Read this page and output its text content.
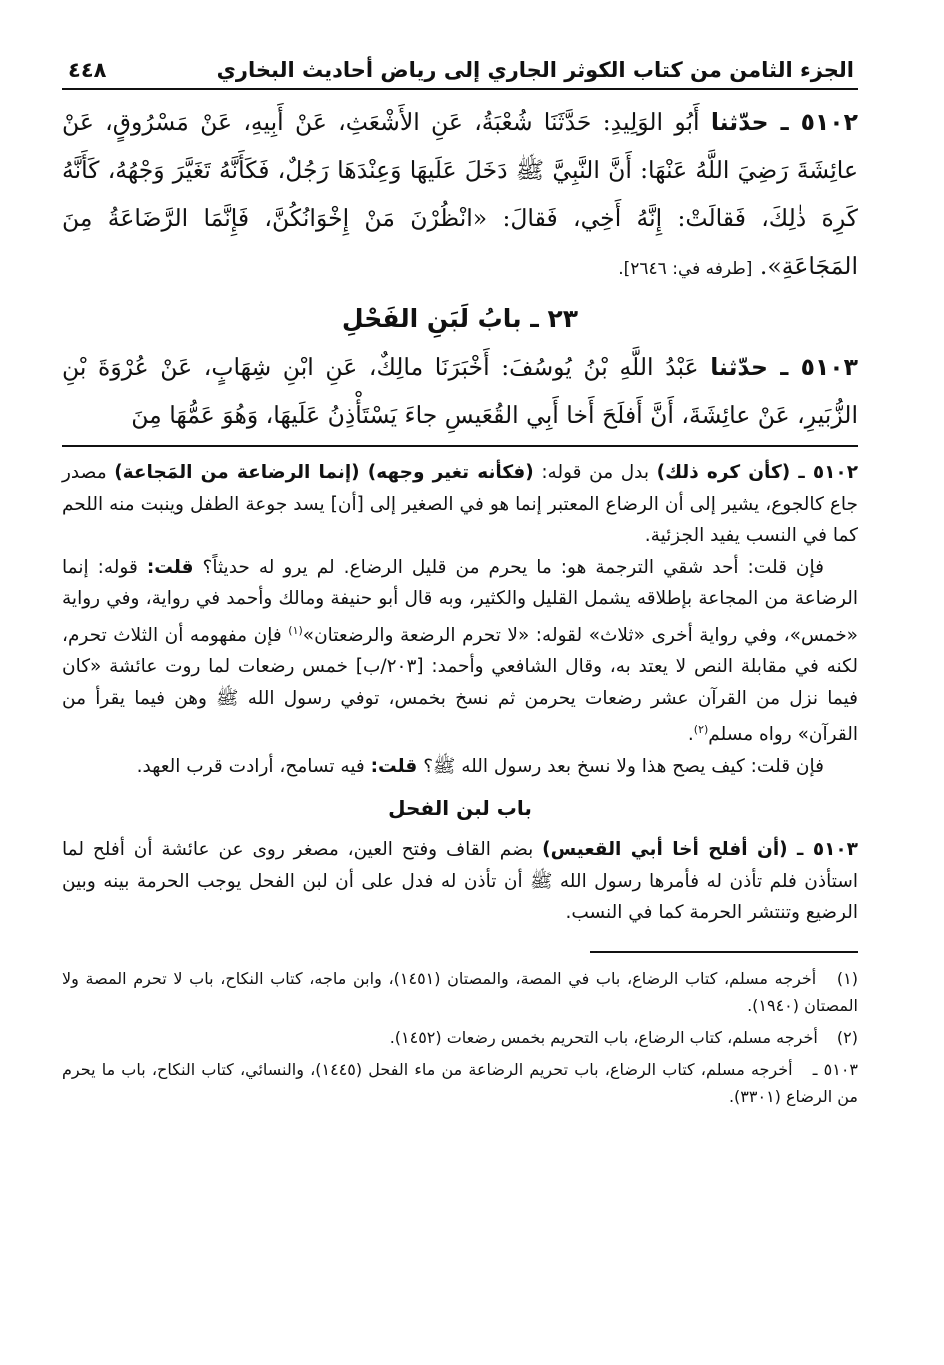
الجزء الثامن من كتاب الكوثر الجاري إلى رياض أحاديث البخاري
٤٤٨

٥١٠٢ ـ حدّثنا أَبُو الوَلِيدِ: حَدَّثَنَا شُعْبَةُ، عَنِ الأَشْعَثِ، عَنْ أَبِيهِ، عَنْ مَسْرُوقٍ، عَنْ عائِشَةَ رَضِيَ اللَّهُ عَنْهَا: أَنَّ النَّبِيَّ ﷺ دَخَلَ عَلَيهَا وَعِنْدَهَا رَجُلٌ، فَكَأَنَّهُ تَغَيَّرَ وَجْهُهُ، كَأَنَّهُ كَرِهَ ذٰلِكَ، فَقالَتْ: إِنَّهُ أَخِي، فَقالَ: «انْظُرْنَ مَنْ إِخْوَانُكُنَّ، فَإِنَّمَا الرَّضَاعَةُ مِنَ المَجَاعَةِ». [طرفه في: ٢٦٤٦].

٢٣ ـ بابُ لَبَنِ الفَحْلِ

٥١٠٣ ـ حدّثنا عَبْدُ اللَّهِ بْنُ يُوسُفَ: أَخْبَرَنَا مالِكٌ، عَنِ ابْنِ شِهَابٍ، عَنْ عُرْوَةَ بْنِ الزُّبَيرِ، عَنْ عائِشَةَ، أَنَّ أَفلَحَ أَخا أَبِي القُعَيسِ جاءَ يَسْتَأْذِنُ عَلَيهَا، وَهُوَ عَمُّهَا مِنَ

٥١٠٢ ـ (كأن كره ذلك) بدل من قوله: (فكأنه تغير وجهه) (إنما الرضاعة من المَجاعة) مصدر جاع كالجوع، يشير إلى أن الرضاع المعتبر إنما هو في الصغير إلى [أن] يسد جوعة الطفل وينبت منه اللحم كما في النسب يفيد الجزئية.

فإن قلت: أحد شقي الترجمة هو: ما يحرم من قليل الرضاع. لم يرو له حديثاً؟ قلت: قوله: إنما الرضاعة من المجاعة بإطلاقه يشمل القليل والكثير، وبه قال أبو حنيفة ومالك وأحمد في رواية، وفي رواية «خمس»، وفي رواية أخرى «ثلاث» لقوله: «لا تحرم الرضعة والرضعتان»$^{(١)}$ فإن مفهومه أن الثلاث تحرم، لكنه في مقابلة النص لا يعتد به، وقال الشافعي وأحمد: [٢٠٣/ب] خمس رضعات لما روت عائشة «كان فيما نزل من القرآن عشر رضعات يحرمن ثم نسخ بخمس، توفي رسول الله ﷺ وهن فيما يقرأ من القرآن» رواه مسلم$^{(٢)}$.

فإن قلت: كيف يصح هذا ولا نسخ بعد رسول الله ﷺ؟ قلت: فيه تسامح، أرادت قرب العهد.

باب لبن الفحل

٥١٠٣ ـ (أن أفلح أخا أبي القعيس) بضم القاف وفتح العين، مصغر روى عن عائشة أن أفلح لما استأذن فلم تأذن له فأمرها رسول الله ﷺ أن تأذن له فدل على أن لبن الفحل يوجب الحرمة بينه وبين الرضيع وتنتشر الحرمة كما في النسب.

(١) أخرجه مسلم، كتاب الرضاع، باب في المصة، والمصتان (١٤٥١)، وابن ماجه، كتاب النكاح، باب لا تحرم المصة ولا المصتان (١٩٤٠).

(٢) أخرجه مسلم، كتاب الرضاع، باب التحريم بخمس رضعات (١٤٥٢).

٥١٠٣ ـ أخرجه مسلم، كتاب الرضاع، باب تحريم الرضاعة من ماء الفحل (١٤٤٥)، والنسائي، كتاب النكاح، باب ما يحرم من الرضاع (٣٣٠١).
